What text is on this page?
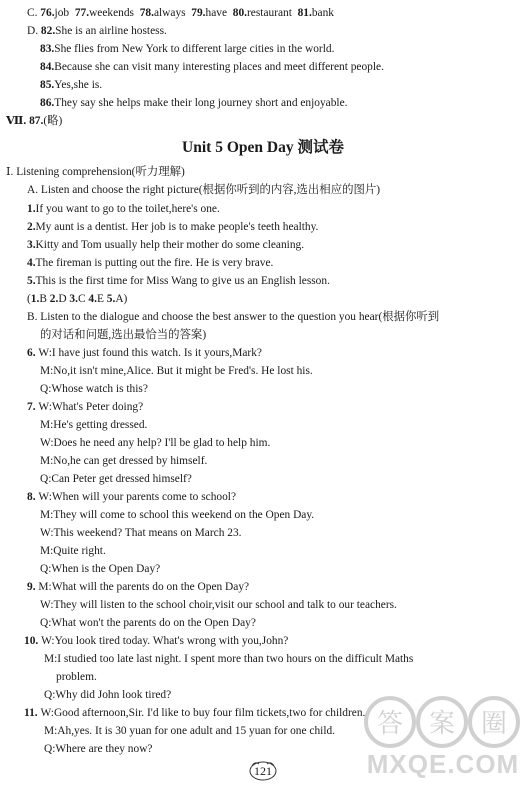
C. 76.job 77.weekends 78.always 79.have 80.restaurant 81.bank
D. 82.She is an airline hostess.
83.She flies from New York to different large cities in the world.
84.Because she can visit many interesting places and meet different people.
85.Yes,she is.
86.They say she helps make their long journey short and enjoyable.
Ⅶ. 87.(略)
Unit 5 Open Day 测试卷
Ⅰ. Listening comprehension(听力理解)
A. Listen and choose the right picture(根据你听到的内容,选出相应的图片)
1.If you want to go to the toilet,here's one.
2.My aunt is a dentist. Her job is to make people's teeth healthy.
3.Kitty and Tom usually help their mother do some cleaning.
4.The fireman is putting out the fire. He is very brave.
5.This is the first time for Miss Wang to give us an English lesson.
(1.B 2.D 3.C 4.E 5.A)
B. Listen to the dialogue and choose the best answer to the question you hear(根据你听到
的对话和问题,选出最恰当的答案)
6. W:I have just found this watch. Is it yours,Mark?
M:No,it isn't mine,Alice. But it might be Fred's. He lost his.
Q:Whose watch is this?
7. W:What's Peter doing?
M:He's getting dressed.
W:Does he need any help? I'll be glad to help him.
M:No,he can get dressed by himself.
Q:Can Peter get dressed himself?
8. W:When will your parents come to school?
M:They will come to school this weekend on the Open Day.
W:This weekend? That means on March 23.
M:Quite right.
Q:When is the Open Day?
9. M:What will the parents do on the Open Day?
W:They will listen to the school choir,visit our school and talk to our teachers.
Q:What won't the parents do on the Open Day?
10. W:You look tired today. What's wrong with you,John?
M:I studied too late last night. I spent more than two hours on the difficult Maths
problem.
Q:Why did John look tired?
11. W:Good afternoon,Sir. I'd like to buy four film tickets,two for children.
M:Ah,yes. It is 30 yuan for one adult and 15 yuan for one child.
Q:Where are they now?
121
答 案 圈
MXQE.COM
